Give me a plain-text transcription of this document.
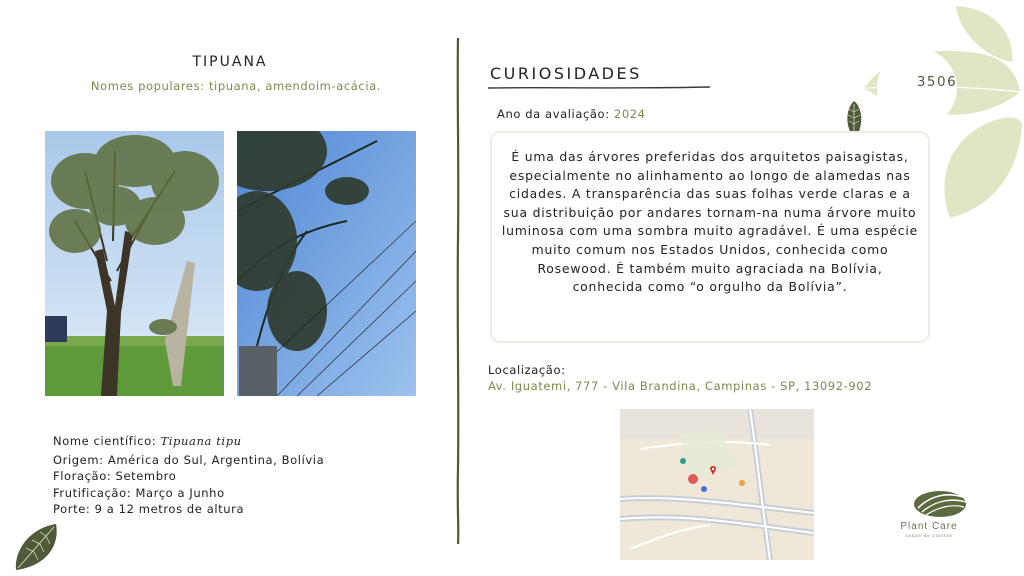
3506
TIPUANA
Nomes populares: tipuana, amendoim-acácia.
Nome científico: Tipuana tipu
Origem: América do Sul, Argentina, Bolívia
Floração: Setembro
Frutificação: Março a Junho
Porte: 9 a 12 metros de altura
CURIOSIDADES
Ano da avaliação: 2024
É uma das árvores preferidas dos arquitetos paisagistas, especialmente no alinhamento ao longo de alamedas nas cidades. A transparência das suas folhas verde claras e a sua distribuição por andares tornam-na numa árvore muito luminosa com uma sombra muito agradável. É uma espécie muito comum nos Estados Unidos, conhecida como Rosewood. É também muito agraciada na Bolívia, conhecida como “o orgulho da Bolívia”.
Localização:
Av. Iguatemi, 777 - Vila Brandina, Campinas - SP, 13092-902
Plant Care
saúde de plantas
